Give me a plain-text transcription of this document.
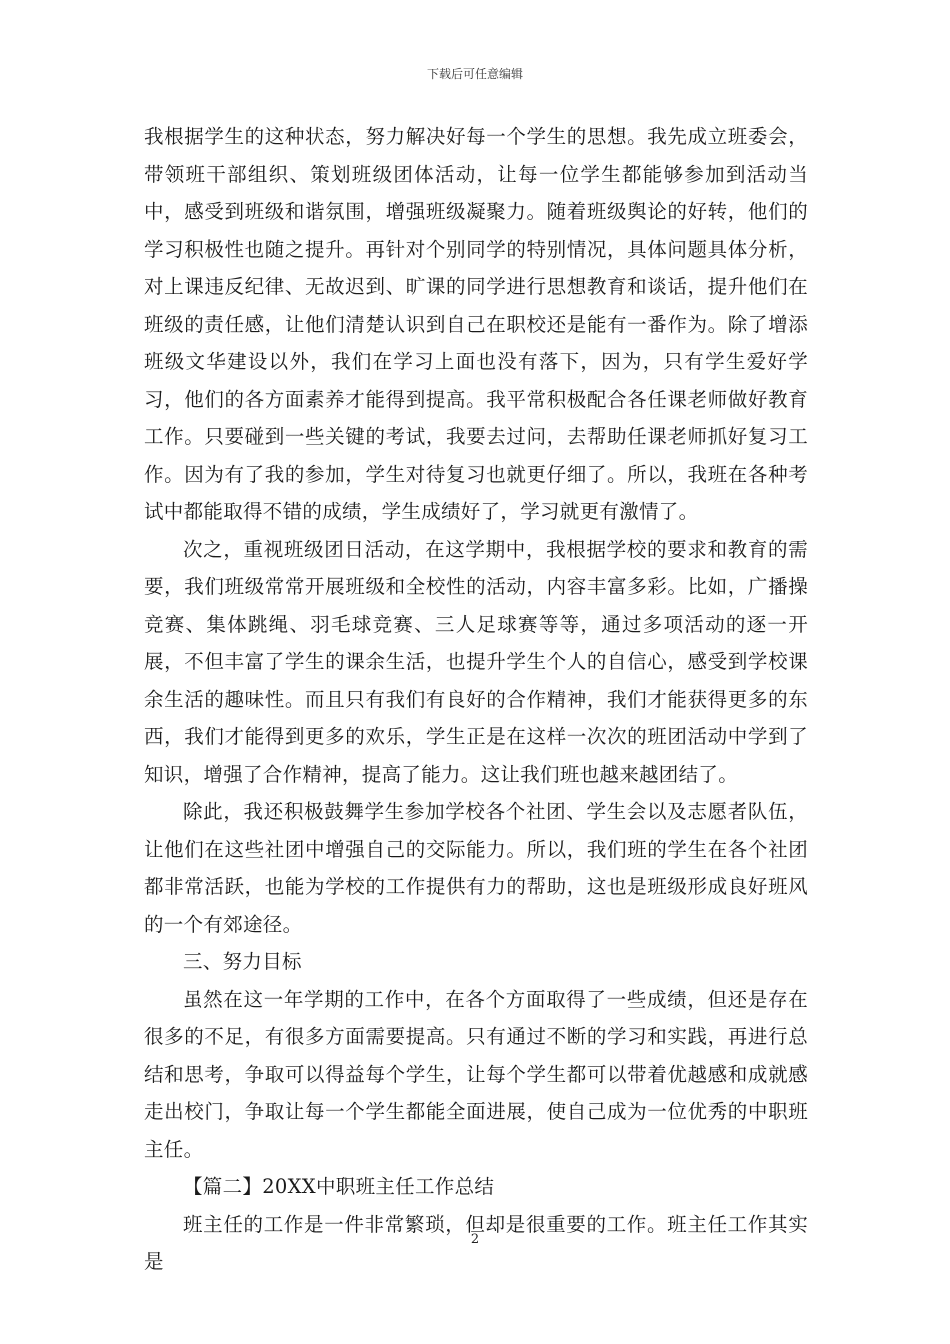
下载后可任意编辑

我根据学生的这种状态，努力解决好每一个学生的思想。我先成立班委会，带领班干部组织、策划班级团体活动，让每一位学生都能够参加到活动当中，感受到班级和谐氛围，增强班级凝聚力。随着班级舆论的好转，他们的学习积极性也随之提升。再针对个别同学的特别情况，具体问题具体分析，对上课违反纪律、无故迟到、旷课的同学进行思想教育和谈话，提升他们在班级的责任感，让他们清楚认识到自己在职校还是能有一番作为。除了增添班级文华建设以外，我们在学习上面也没有落下，因为，只有学生爱好学习，他们的各方面素养才能得到提高。我平常积极配合各任课老师做好教育工作。只要碰到一些关键的考试，我要去过问，去帮助任课老师抓好复习工作。因为有了我的参加，学生对待复习也就更仔细了。所以，我班在各种考试中都能取得不错的成绩，学生成绩好了，学习就更有激情了。

次之，重视班级团日活动，在这学期中，我根据学校的要求和教育的需要，我们班级常常开展班级和全校性的活动，内容丰富多彩。比如，广播操竞赛、集体跳绳、羽毛球竞赛、三人足球赛等等，通过多项活动的逐一开展，不但丰富了学生的课余生活，也提升学生个人的自信心，感受到学校课余生活的趣味性。而且只有我们有良好的合作精神，我们才能获得更多的东西，我们才能得到更多的欢乐，学生正是在这样一次次的班团活动中学到了知识，增强了合作精神，提高了能力。这让我们班也越来越团结了。

除此，我还积极鼓舞学生参加学校各个社团、学生会以及志愿者队伍，让他们在这些社团中增强自己的交际能力。所以，我们班的学生在各个社团都非常活跃，也能为学校的工作提供有力的帮助，这也是班级形成良好班风的一个有郊途径。

三、努力目标

虽然在这一年学期的工作中，在各个方面取得了一些成绩，但还是存在很多的不足，有很多方面需要提高。只有通过不断的学习和实践，再进行总结和思考，争取可以得益每个学生，让每个学生都可以带着优越感和成就感走出校门，争取让每一个学生都能全面进展，使自己成为一位优秀的中职班主任。

【篇二】20XX中职班主任工作总结

班主任的工作是一件非常繁琐，但却是很重要的工作。班主任工作其实是

2
